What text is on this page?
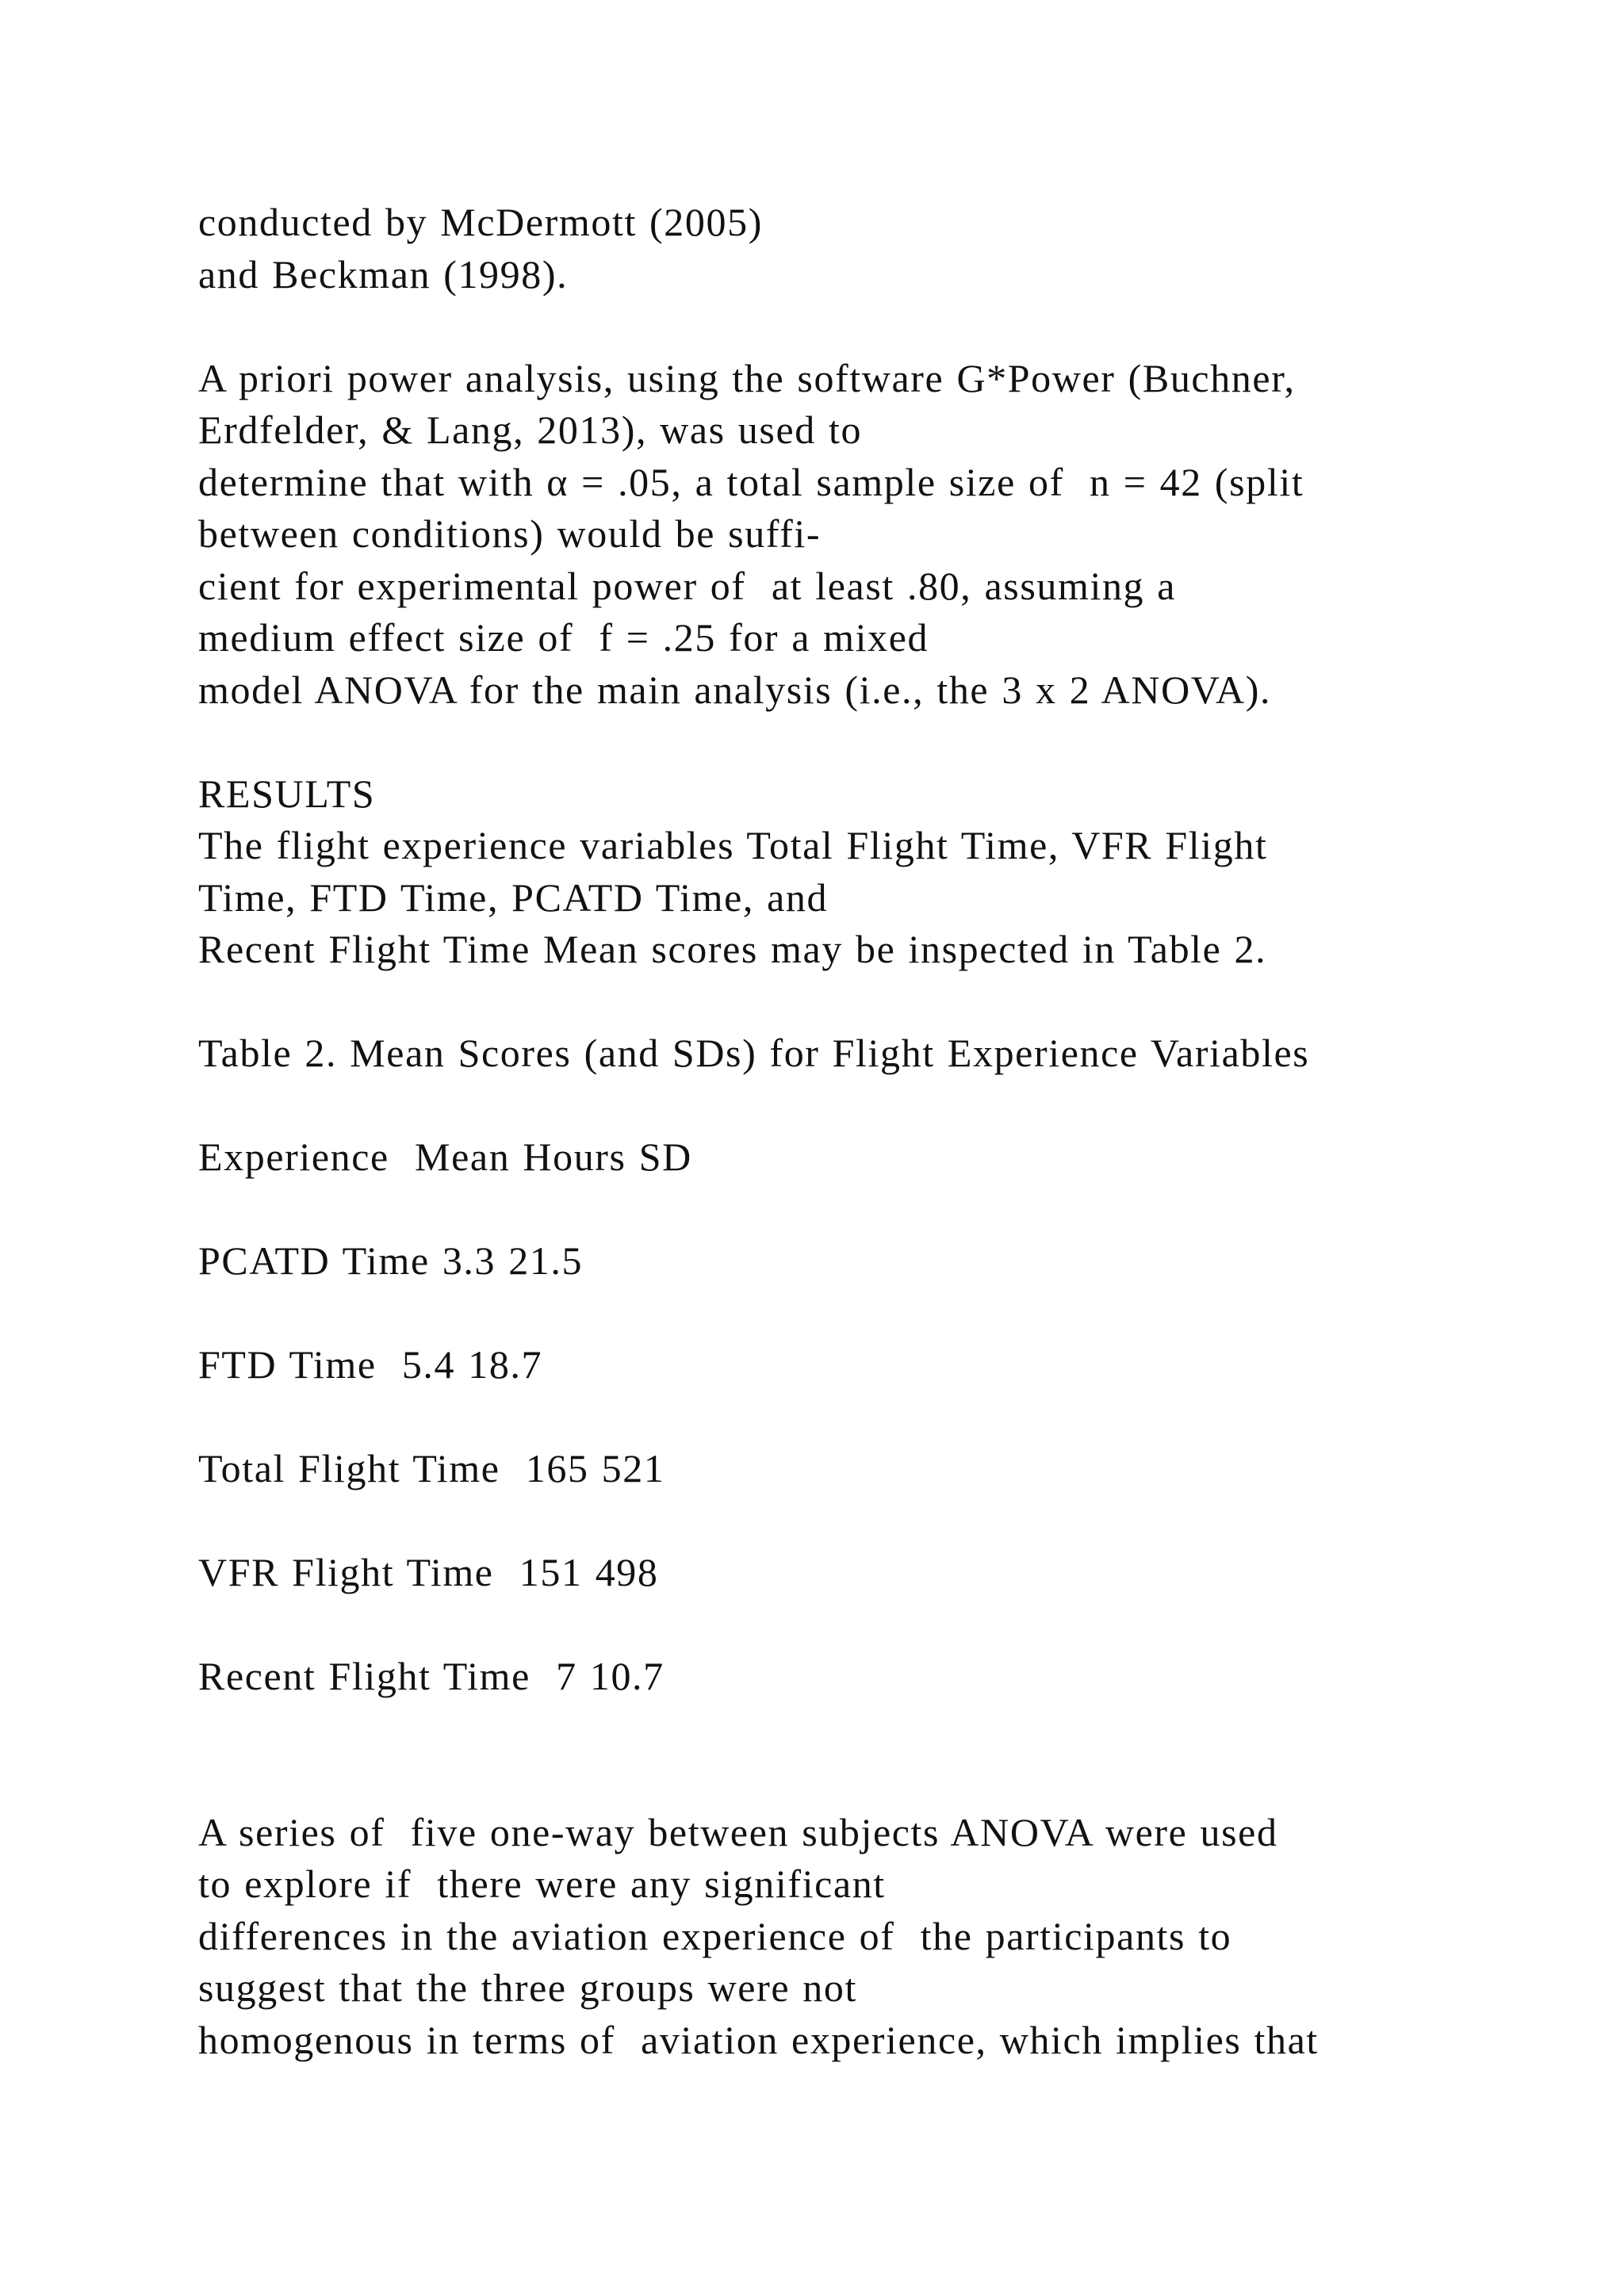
conducted by McDermott (2005)
and Beckman (1998).
A priori power analysis, using the software G*Power (Buchner,
Erdfelder, & Lang, 2013), was used to
determine that with α = .05, a total sample size of  n = 42 (split
between conditions) would be suffi-
cient for experimental power of  at least .80, assuming a
medium effect size of  f = .25 for a mixed
model ANOVA for the main analysis (i.e., the 3 x 2 ANOVA).
RESULTS
The flight experience variables Total Flight Time, VFR Flight
Time, FTD Time, PCATD Time, and
Recent Flight Time Mean scores may be inspected in Table 2.
Table 2. Mean Scores (and SDs) for Flight Experience Variables
Experience  Mean Hours SD
PCATD Time 3.3 21.5
FTD Time  5.4 18.7
Total Flight Time  165 521
VFR Flight Time  151 498
Recent Flight Time  7 10.7
A series of  five one-way between subjects ANOVA were used
to explore if  there were any significant
differences in the aviation experience of  the participants to
suggest that the three groups were not
homogenous in terms of  aviation experience, which implies that
